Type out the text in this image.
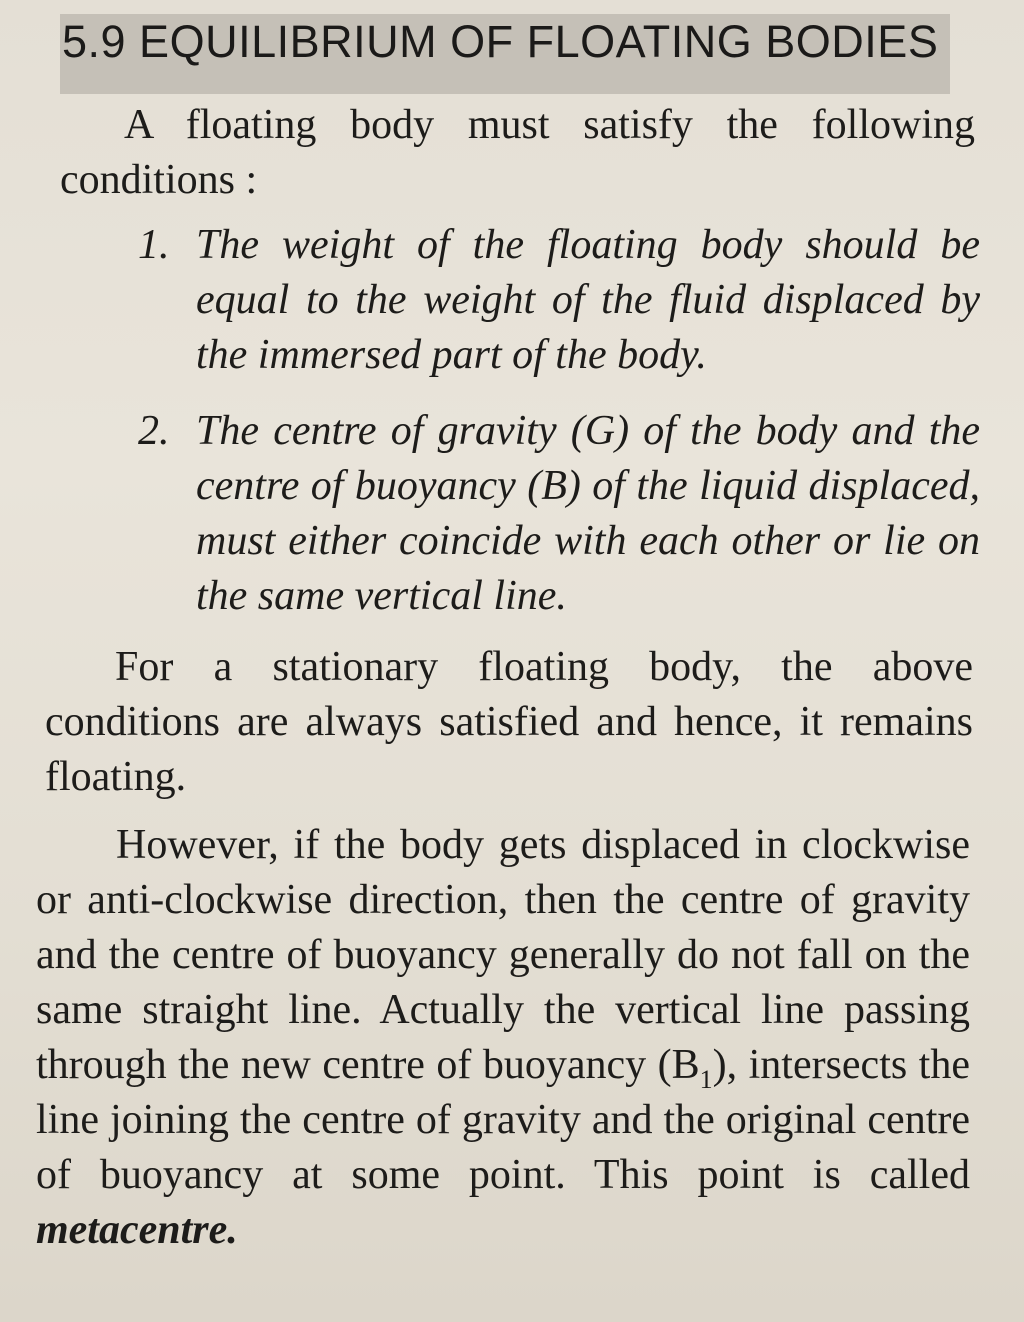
5.9 EQUILIBRIUM OF FLOATING BODIES

A floating body must satisfy the following conditions :

1. The weight of the floating body should be equal to the weight of the fluid displaced by the immersed part of the body.

2. The centre of gravity (G) of the body and the centre of buoyancy (B) of the liquid displaced, must either coincide with each other or lie on the same vertical line.

For a stationary floating body, the above conditions are always satisfied and hence, it remains floating.

However, if the body gets displaced in clockwise or anti-clockwise direction, then the centre of gravity and the centre of buoyancy generally do not fall on the same straight line. Actually the vertical line passing through the new centre of buoyancy $(B_1)$, intersects the line joining the centre of gravity and the original centre of buoyancy at some point. This point is called metacentre.
